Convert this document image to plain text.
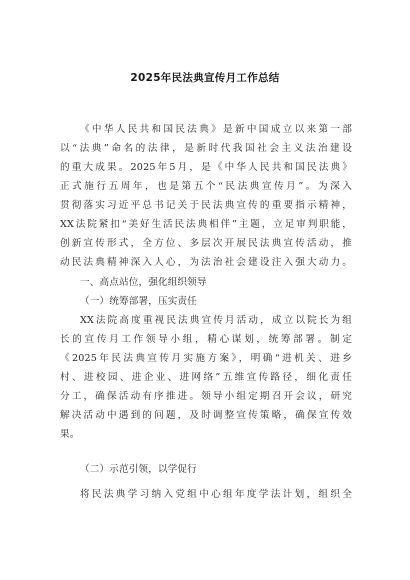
2025年民法典宣传月工作总结
《中华人民共和国民法典》是新中国成立以来第一部
以“法典”命名的法律，是新时代我国社会主义法治建设
的重大成果。2025年5月，是《中华人民共和国民法典》
正式施行五周年，也是第五个“民法典宣传月”。为深入
贯彻落实习近平总书记关于民法典宣传的重要指示精神，
XX法院紧扣“美好生活民法典相伴”主题，立足审判职能，
创新宣传形式，全方位、多层次开展民法典宣传活动，推
动民法典精神深入人心，为法治社会建设注入强大动力。
一、高点站位，强化组织领导
（一）统筹部署，压实责任
XX法院高度重视民法典宣传月活动，成立以院长为组
长的宣传月工作领导小组，精心谋划，统筹部署。制定
《2025年民法典宣传月实施方案》，明确“进机关、进乡
村、进校园、进企业、进网络”五维宣传路径，细化责任
分工，确保活动有序推进。领导小组定期召开会议，研究
解决活动中遇到的问题，及时调整宣传策略，确保宣传效
果。
（二）示范引领，以学促行
将民法典学习纳入党组中心组年度学法计划，组织全
